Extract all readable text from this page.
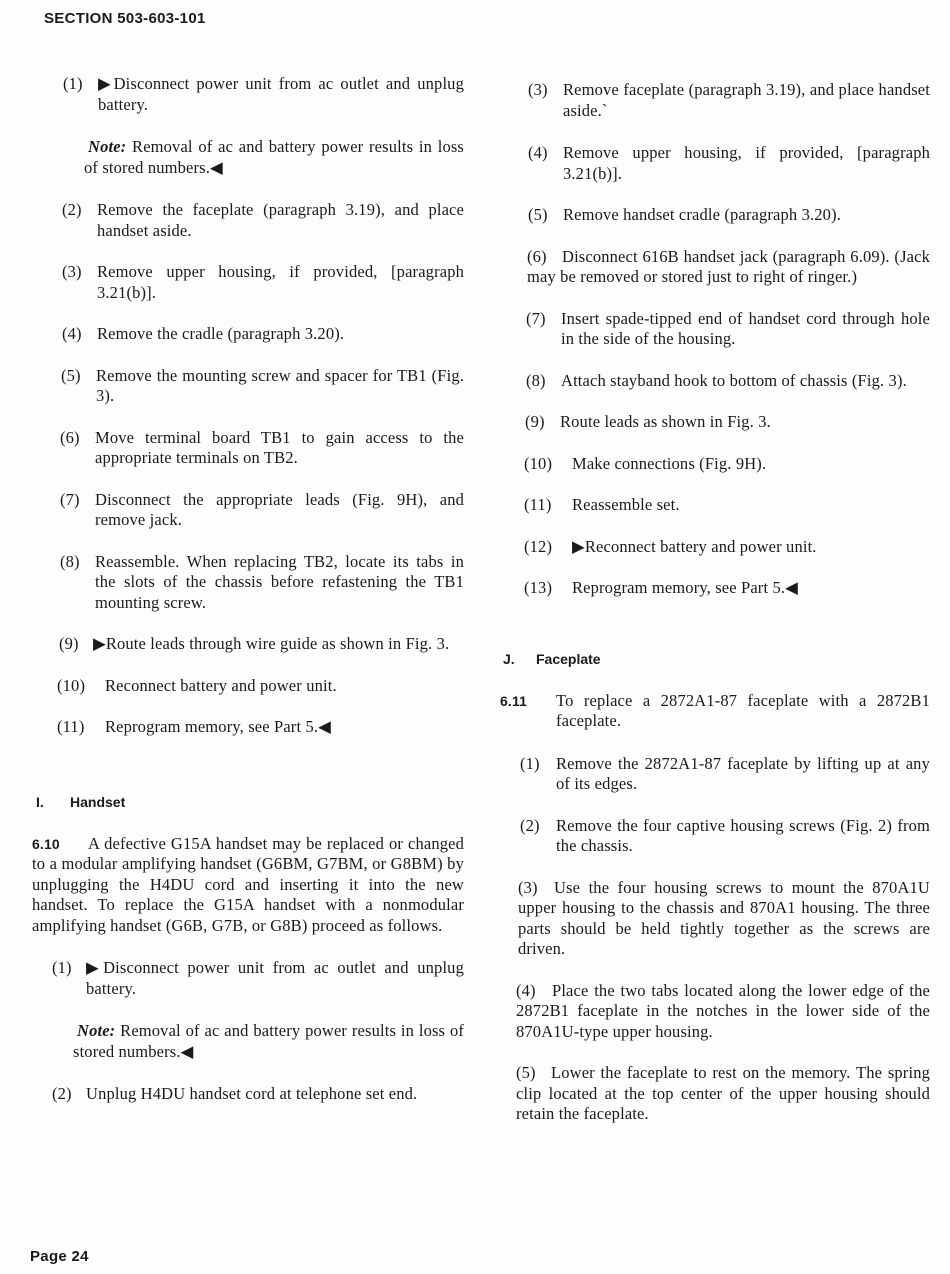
SECTION 503-603-101
(1) ▶Disconnect power unit from ac outlet and unplug battery.
Note: Removal of ac and battery power results in loss of stored numbers.◀
(2) Remove the faceplate (paragraph 3.19), and place handset aside.
(3) Remove upper housing, if provided, [paragraph 3.21(b)].
(4) Remove the cradle (paragraph 3.20).
(5) Remove the mounting screw and spacer for TB1 (Fig. 3).
(6) Move terminal board TB1 to gain access to the appropriate terminals on TB2.
(7) Disconnect the appropriate leads (Fig. 9H), and remove jack.
(8) Reassemble. When replacing TB2, locate its tabs in the slots of the chassis before refastening the TB1 mounting screw.
(9) ▶Route leads through wire guide as shown in Fig. 3.
(10) Reconnect battery and power unit.
(11) Reprogram memory, see Part 5.◀
I. Handset
6.10 A defective G15A handset may be replaced or changed to a modular amplifying handset (G6BM, G7BM, or G8BM) by unplugging the H4DU cord and inserting it into the new handset. To replace the G15A handset with a nonmodular amplifying handset (G6B, G7B, or G8B) proceed as follows.
(1) ▶Disconnect power unit from ac outlet and unplug battery.
Note: Removal of ac and battery power results in loss of stored numbers.◀
(2) Unplug H4DU handset cord at telephone set end.
(3) Remove faceplate (paragraph 3.19), and place handset aside.`
(4) Remove upper housing, if provided, [paragraph 3.21(b)].
(5) Remove handset cradle (paragraph 3.20).
(6) Disconnect 616B handset jack (paragraph 6.09). (Jack may be removed or stored just to right of ringer.)
(7) Insert spade-tipped end of handset cord through hole in the side of the housing.
(8) Attach stayband hook to bottom of chassis (Fig. 3).
(9) Route leads as shown in Fig. 3.
(10) Make connections (Fig. 9H).
(11) Reassemble set.
(12) ▶Reconnect battery and power unit.
(13) Reprogram memory, see Part 5.◀
J. Faceplate
6.11 To replace a 2872A1-87 faceplate with a 2872B1 faceplate.
(1) Remove the 2872A1-87 faceplate by lifting up at any of its edges.
(2) Remove the four captive housing screws (Fig. 2) from the chassis.
(3) Use the four housing screws to mount the 870A1U upper housing to the chassis and 870A1 housing. The three parts should be held tightly together as the screws are driven.
(4) Place the two tabs located along the lower edge of the 2872B1 faceplate in the notches in the lower side of the 870A1U-type upper housing.
(5) Lower the faceplate to rest on the memory. The spring clip located at the top center of the upper housing should retain the faceplate.
Page 24
